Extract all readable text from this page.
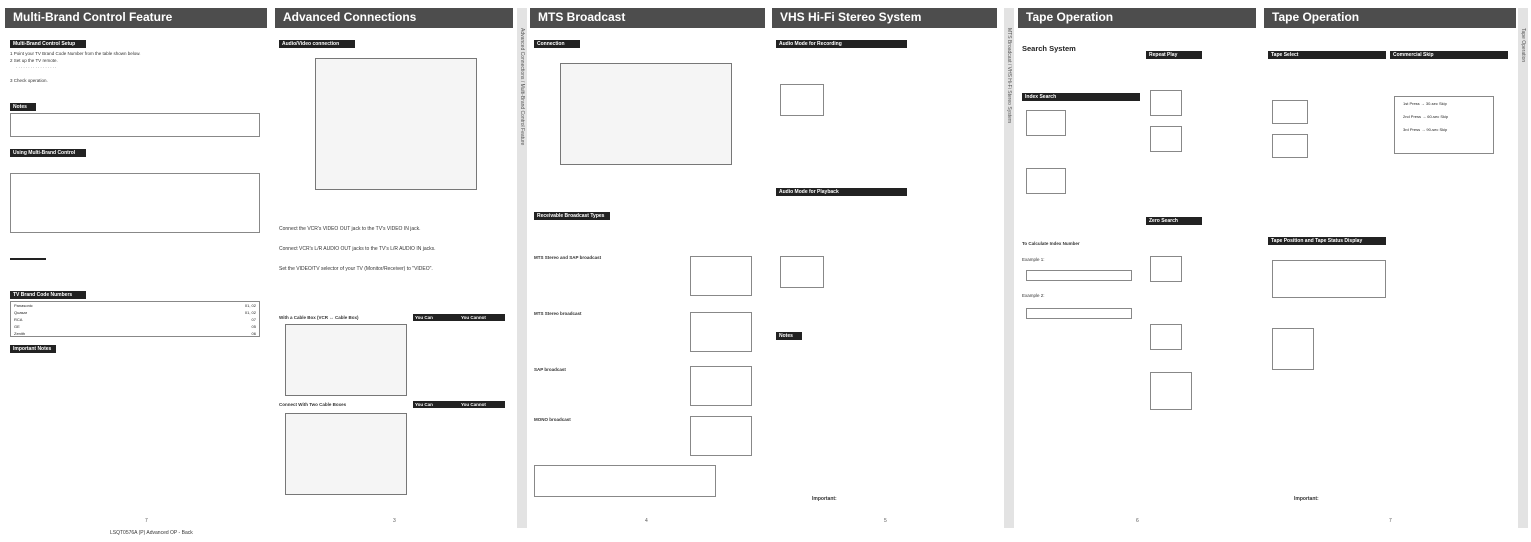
Multi-Brand Control Feature
Multi-Brand Control Setup
1 Point your TV Brand Code Number from the table shown below.
2 Set up the TV remote.
· · · · · · · · · · · · · · · · ·
3 Check operation.
Notes
Using Multi-Brand Control
TV Brand Code Numbers
Panasonic	01, 02
Quasar	01, 02
RCA	07
GE	05
Zenith	06
Important Notes
7
Advanced Connections
Audio/Video connection
Connect the VCR's VIDEO OUT jack to the TV's VIDEO IN jack.
Connect VCR's L/R AUDIO OUT jacks to the TV's L/R AUDIO IN jacks.
Set the VIDEO/TV selector of your TV (Monitor/Receiver) to "VIDEO".
With a Cable Box (VCR ↔ Cable Box)	You Can	You Cannot
Connect With Two Cable Boxes	You Can	You Cannot
3
Advanced Connections / Multi-Brand Control Feature
MTS Broadcast
Connection
Receivable Broadcast Types
MTS Stereo and SAP broadcast
MTS Stereo broadcast
SAP broadcast
MONO broadcast
4
VHS Hi-Fi Stereo System
Audio Mode for Recording
Audio Mode for Playback
Notes
Important:
5
MTS Broadcast / VHS Hi-Fi Stereo System
Tape Operation
Search System
Index Search
To Calculate Index Number
Example 1:
Example 2:
Repeat Play
Zero Search
6
Tape Operation
Tape Select	Commercial Skip
1st Press → 30-sec Skip
2nd Press → 60-sec Skip
3rd Press → 90-sec Skip
Tape Position and Tape Status Display
Important:
7
Tape Operation
LSQT0576A (P) Advanced OP - Back
